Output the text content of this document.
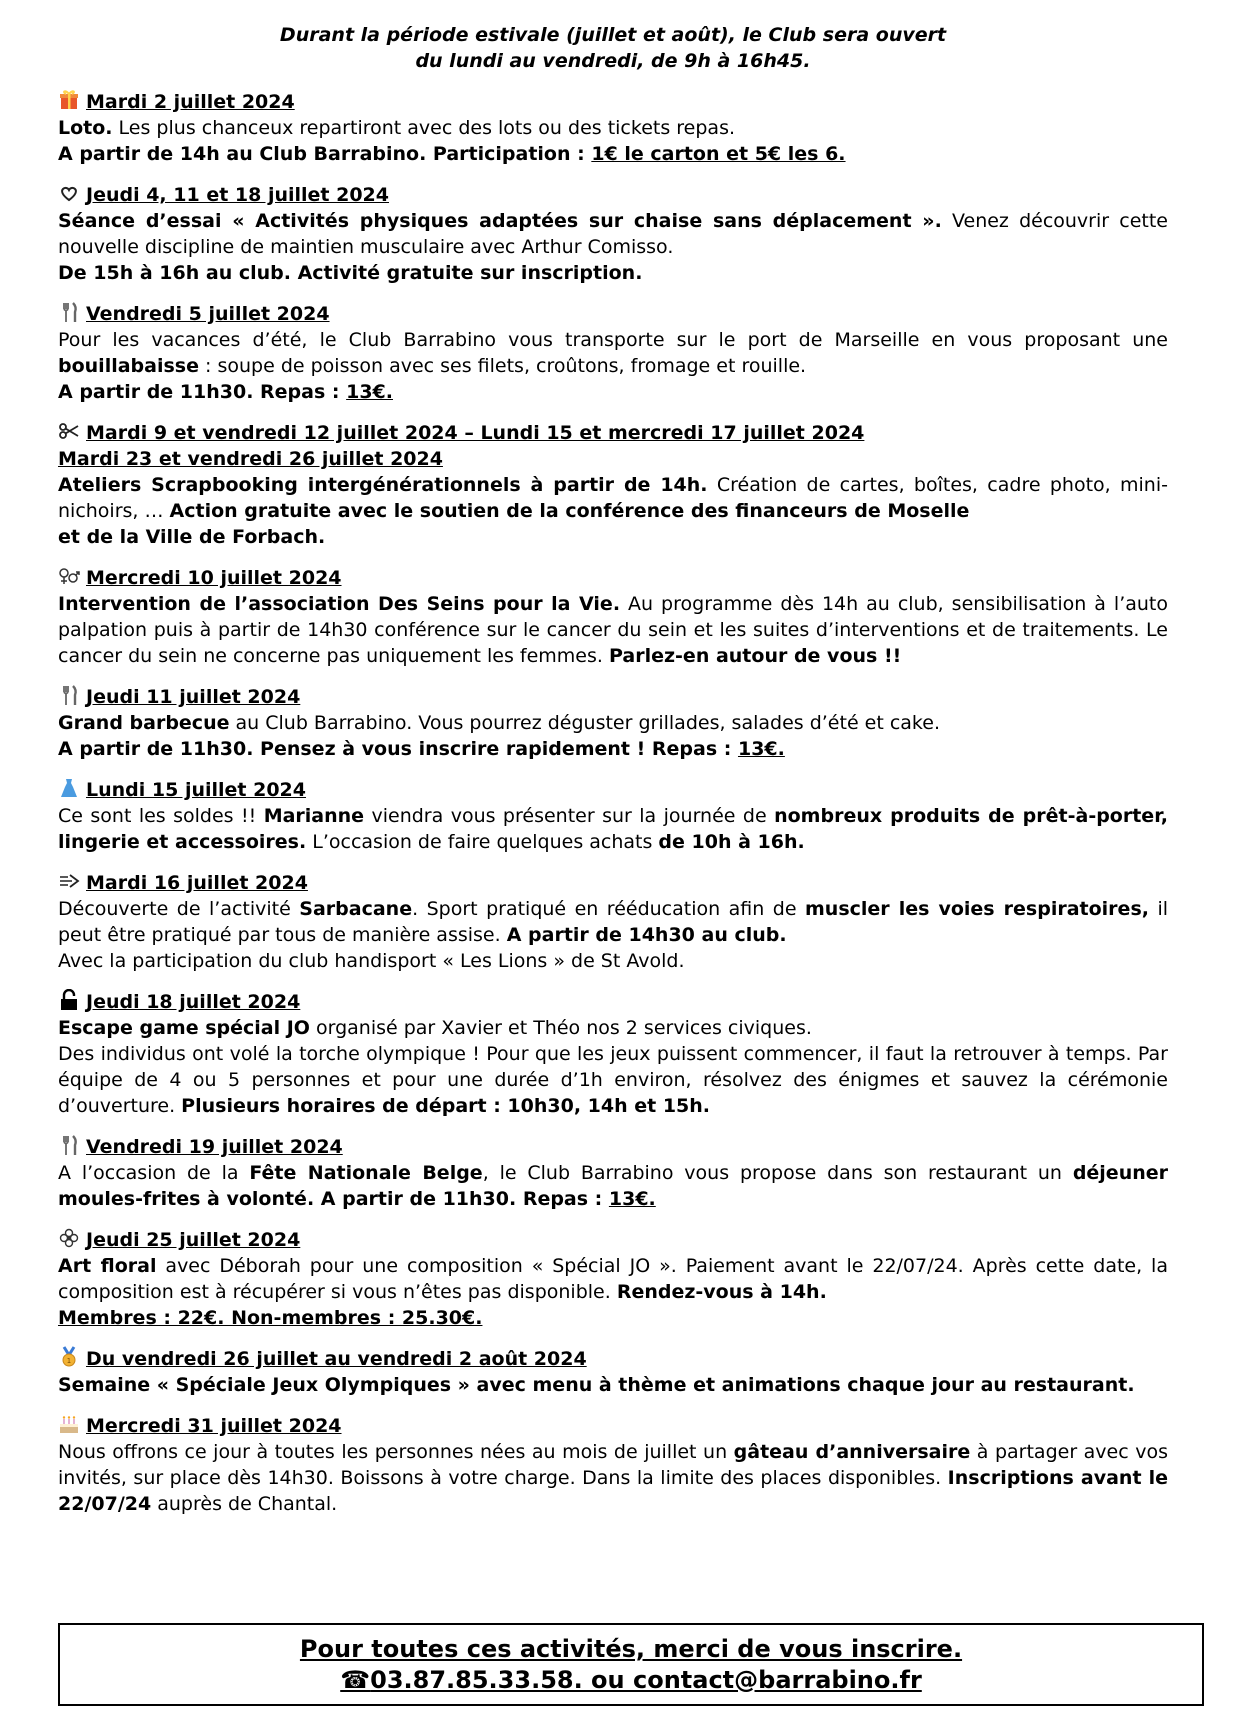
Durant la période estivale (juillet et août), le Club sera ouvert
du lundi au vendredi, de 9h à 16h45.
Mardi 2 juillet 2024
Loto. Les plus chanceux repartiront avec des lots ou des tickets repas.
A partir de 14h au Club Barrabino. Participation : 1€ le carton et 5€ les 6.
Jeudi 4, 11 et 18 juillet 2024
Séance d’essai « Activités physiques adaptées sur chaise sans déplacement ». Venez découvrir cette nouvelle discipline de maintien musculaire avec Arthur Comisso.
De 15h à 16h au club. Activité gratuite sur inscription.
Vendredi 5 juillet 2024
Pour les vacances d’été, le Club Barrabino vous transporte sur le port de Marseille en vous proposant une bouillabaisse : soupe de poisson avec ses filets, croûtons, fromage et rouille.
A partir de 11h30. Repas : 13€.
Mardi 9 et vendredi 12 juillet 2024 – Lundi 15 et mercredi 17 juillet 2024
Mardi 23 et vendredi 26 juillet 2024
Ateliers Scrapbooking intergénérationnels à partir de 14h. Création de cartes, boîtes, cadre photo, mini-nichoirs, … Action gratuite avec le soutien de la conférence des financeurs de Moselle
et de la Ville de Forbach.
Mercredi 10 juillet 2024
Intervention de l’association Des Seins pour la Vie. Au programme dès 14h au club, sensibilisation à l’auto palpation puis à partir de 14h30 conférence sur le cancer du sein et les suites d’interventions et de traitements. Le cancer du sein ne concerne pas uniquement les femmes. Parlez-en autour de vous !!
Jeudi 11 juillet 2024
Grand barbecue au Club Barrabino. Vous pourrez déguster grillades, salades d’été et cake.
A partir de 11h30. Pensez à vous inscrire rapidement ! Repas : 13€.
Lundi 15 juillet 2024
Ce sont les soldes !! Marianne viendra vous présenter sur la journée de nombreux produits de prêt-à-porter, lingerie et accessoires. L’occasion de faire quelques achats de 10h à 16h.
Mardi 16 juillet 2024
Découverte de l’activité Sarbacane. Sport pratiqué en rééducation afin de muscler les voies respiratoires, il peut être pratiqué par tous de manière assise. A partir de 14h30 au club.
Avec la participation du club handisport « Les Lions » de St Avold.
Jeudi 18 juillet 2024
Escape game spécial JO organisé par Xavier et Théo nos 2 services civiques.
Des individus ont volé la torche olympique ! Pour que les jeux puissent commencer, il faut la retrouver à temps. Par équipe de 4 ou 5 personnes et pour une durée d’1h environ, résolvez des énigmes et sauvez la cérémonie d’ouverture. Plusieurs horaires de départ : 10h30, 14h et 15h.
Vendredi 19 juillet 2024
A l’occasion de la Fête Nationale Belge, le Club Barrabino vous propose dans son restaurant un déjeuner moules-frites à volonté. A partir de 11h30. Repas : 13€.
Jeudi 25 juillet 2024
Art floral avec Déborah pour une composition « Spécial JO ». Paiement avant le 22/07/24. Après cette date, la composition est à récupérer si vous n’êtes pas disponible. Rendez-vous à 14h.
Membres : 22€. Non-membres : 25.30€.
1 Du vendredi 26 juillet au vendredi 2 août 2024
Semaine « Spéciale Jeux Olympiques » avec menu à thème et animations chaque jour au restaurant.
Mercredi 31 juillet 2024
Nous offrons ce jour à toutes les personnes nées au mois de juillet un gâteau d’anniversaire à partager avec vos invités, sur place dès 14h30. Boissons à votre charge. Dans la limite des places disponibles. Inscriptions avant le 22/07/24 auprès de Chantal.
Pour toutes ces activités, merci de vous inscrire.
☎03.87.85.33.58. ou contact@barrabino.fr
